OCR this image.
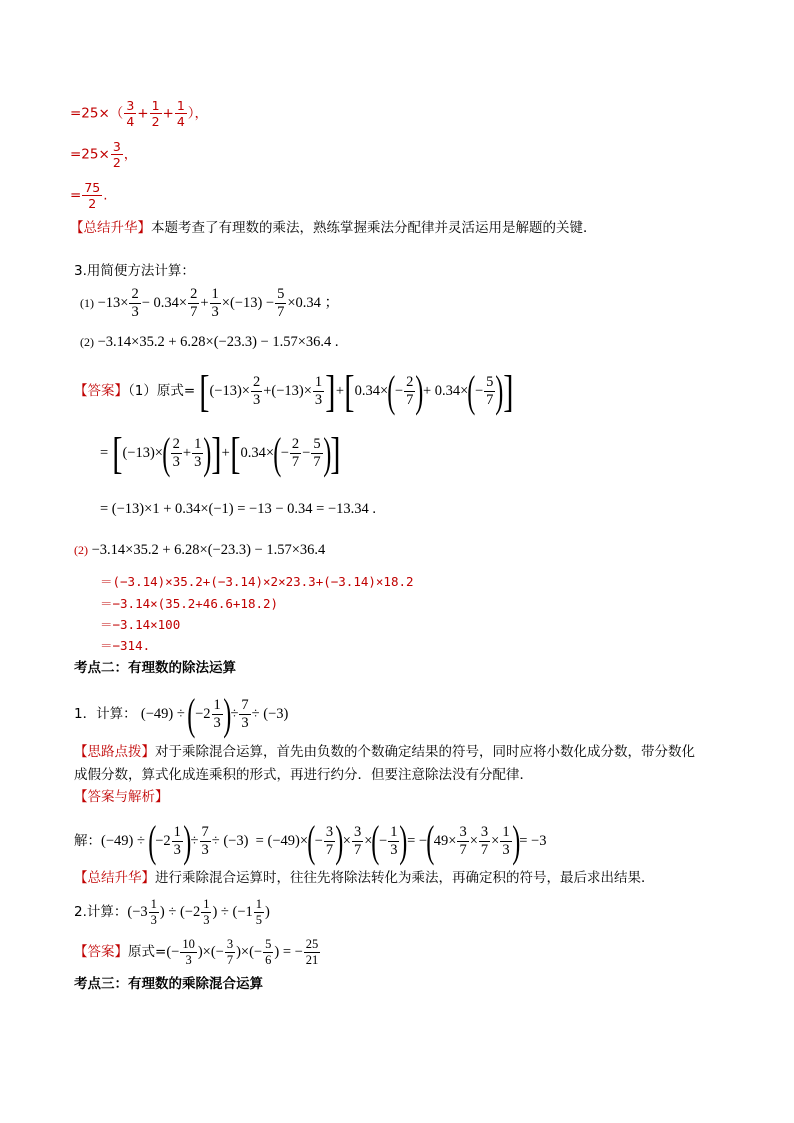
$=25\times( \frac{3}{4} + \frac{1}{2} + \frac{1}{4}$ ），
$=25\times \frac{3}{2}$ ，
= $\frac{75}{2}$ .
【总结升华】本题考查了有理数的乘法，熟练掌握乘法分配律并灵活运用是解题的关键．
3.用简便方法计算：
$(1) -13\times \frac{2}{3} - 0.34\times \frac{2}{7} + \frac{1}{3} \times(-13) - \frac{5}{7} \times 0.34$ ；
(2) −3.14×35.2 + 6.28×(−23.3) − 1.57×36.4 .
【答案】（1）原式= $[(-13)\times \frac{2}{3} +(-13)\times \frac{1}{3} ]+[0.34\times(- \frac{2}{7}$ )+ $0.34\times(- \frac{5}{7}$ )]
= $[(-13)\times( \frac{2}{3} + \frac{1}{3} )]+[0.34\times(- \frac{2}{7} - \frac{5}{7}$ )]
= (−13)×1 + 0.34×(−1) = −13 − 0.34 = −13.34 .
(2) −3.14×35.2 + 6.28×(−23.3) − 1.57×36.4
＝(−3.14)×35.2+(−3.14)×2×23.3+(−3.14)×18.2
＝−3.14×(35.2+46.6+18.2)
＝−3.14×100
＝−314.
考点二：有理数的除法运算
1．计算： $(-49) \div (-2 \frac{1}{3}$ )÷ $\frac{7}{3} \div (-3)$
【思路点拨】对于乘除混合运算，首先由负数的个数确定结果的符号，同时应将小数化成分数，带分数化
成假分数，算式化成连乘积的形式，再进行约分．但要注意除法没有分配律．
【答案与解析】
解：$(-49) \div (-2 \frac{1}{3}$ )÷ $\frac{7}{3} \div (-3) = (-49)\times(- \frac{3}{7}$ )× $\frac{3}{7}$ ×(− $\frac{1}{3}$ )= $-(49\times \frac{3}{7} \times \frac{3}{7} \times \frac{1}{3}$ )= −3
【总结升华】进行乘除混合运算时，往往先将除法转化为乘法，再确定积的符号，最后求出结果．
2.计算：($-3 \frac{1}{3}$ ) ÷ ($-2 \frac{1}{3}$ ) ÷ ($-1 \frac{1}{5}$ )
【答案】原式=(− $\frac{10}{3}$ )×(− $\frac{3}{7}$ )×(− $\frac{5}{6}$ ) = − $\frac{25}{21}$
考点三：有理数的乘除混合运算
